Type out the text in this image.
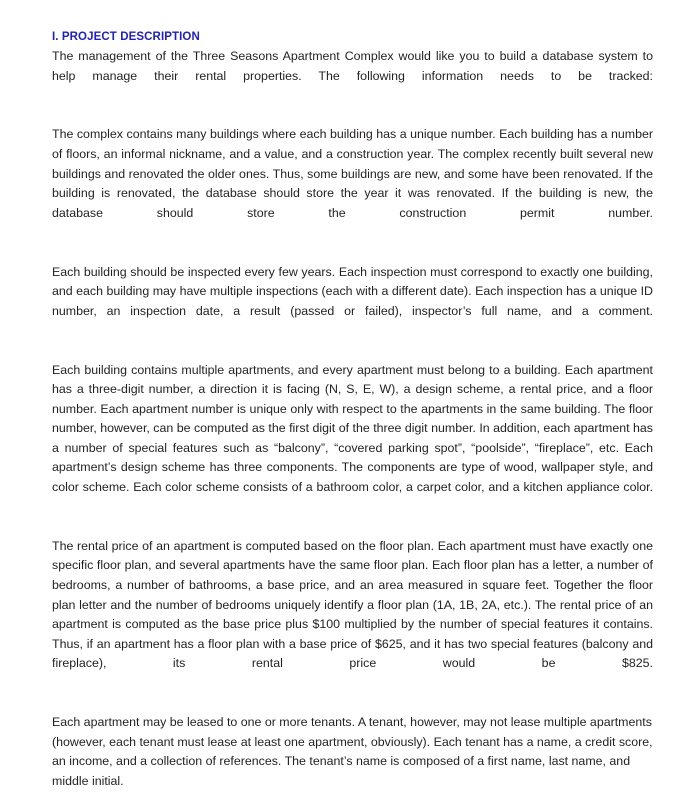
I. PROJECT DESCRIPTION

The management of the Three Seasons Apartment Complex would like you to build a database system to help manage their rental properties. The following information needs to be tracked:

The complex contains many buildings where each building has a unique number. Each building has a number of floors, an informal nickname, and a value, and a construction year. The complex recently built several new buildings and renovated the older ones. Thus, some buildings are new, and some have been renovated. If the building is renovated, the database should store the year it was renovated. If the building is new, the database should store the construction permit number.

Each building should be inspected every few years. Each inspection must correspond to exactly one building, and each building may have multiple inspections (each with a different date). Each inspection has a unique ID number, an inspection date, a result (passed or failed), inspector’s full name, and a comment.

Each building contains multiple apartments, and every apartment must belong to a building. Each apartment has a three-digit number, a direction it is facing (N, S, E, W), a design scheme, a rental price, and a floor number. Each apartment number is unique only with respect to the apartments in the same building. The floor number, however, can be computed as the first digit of the three digit number. In addition, each apartment has a number of special features such as “balcony”, “covered parking spot”, “poolside”, “fireplace”, etc. Each apartment’s design scheme has three components. The components are type of wood, wallpaper style, and color scheme. Each color scheme consists of a bathroom color, a carpet color, and a kitchen appliance color.

The rental price of an apartment is computed based on the floor plan. Each apartment must have exactly one specific floor plan, and several apartments have the same floor plan. Each floor plan has a letter, a number of bedrooms, a number of bathrooms, a base price, and an area measured in square feet. Together the floor plan letter and the number of bedrooms uniquely identify a floor plan (1A, 1B, 2A, etc.). The rental price of an apartment is computed as the base price plus $100 multiplied by the number of special features it contains. Thus, if an apartment has a floor plan with a base price of $625, and it has two special features (balcony and fireplace), its rental price would be $825.

Each apartment may be leased to one or more tenants. A tenant, however, may not lease multiple apartments (however, each tenant must lease at least one apartment, obviously). Each tenant has a name, a credit score, an income, and a collection of references. The tenant’s name is composed of a first name, last name, and middle initial.
